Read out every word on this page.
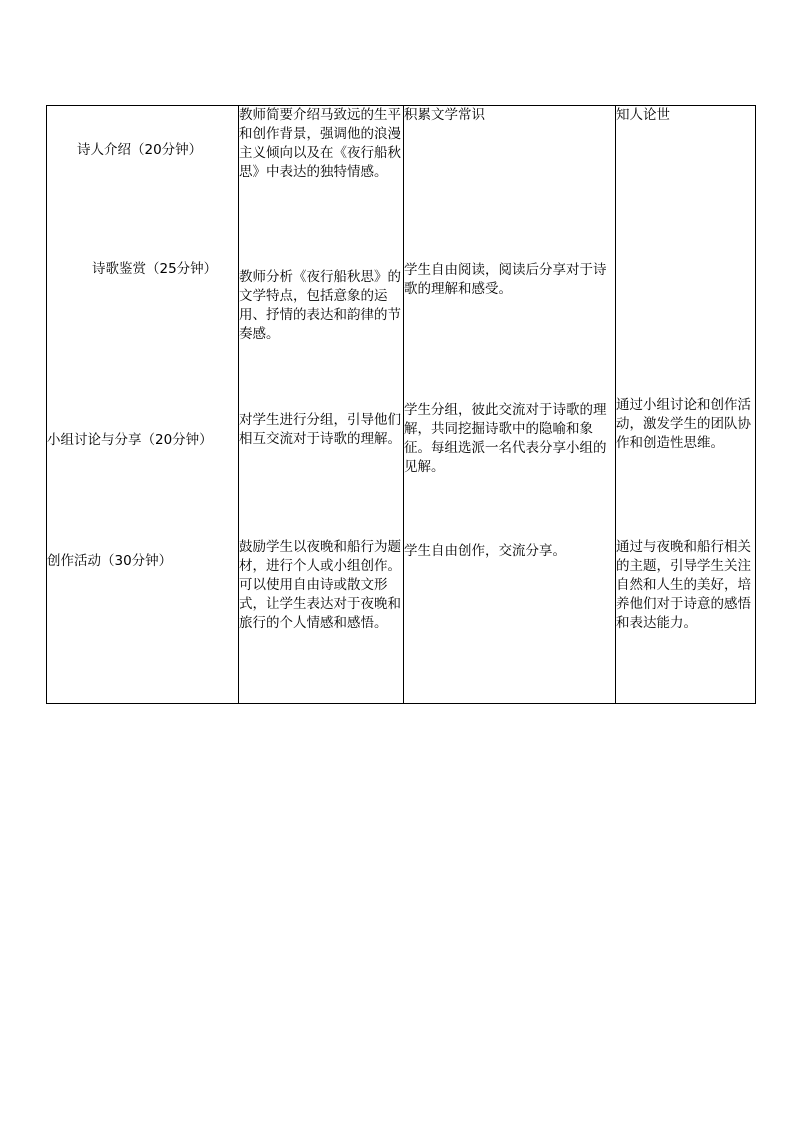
诗人介绍（20分钟）
教师简要介绍马致远的生平和创作背景，强调他的浪漫主义倾向以及在《夜行船秋思》中表达的独特情感。
积累文学常识	知人论世
诗歌鉴赏（25分钟） 教师分析《夜行船秋思》的文学特点，包括意象的运用、抒情的表达和韵律的节奏感。
学生自由阅读，阅读后分享对于诗歌的理解和感受。
小组讨论与分享（20分钟）
对学生进行分组，引导他们相互交流对于诗歌的理解。
学生分组，彼此交流对于诗歌的理解，共同挖掘诗歌中的隐喻和象征。每组选派一名代表分享小组的见解。
通过小组讨论和创作活动，激发学生的团队协作和创造性思维。
创作活动（30分钟）
鼓励学生以夜晚和船行为题材，进行个人或小组创作。可以使用自由诗或散文形式，让学生表达对于夜晚和旅行的个人情感和感悟。
学生自由创作，交流分享。	通过与夜晚和船行相关的主题，引导学生关注自然和人生的美好，培养他们对于诗意的感悟和表达能力。
